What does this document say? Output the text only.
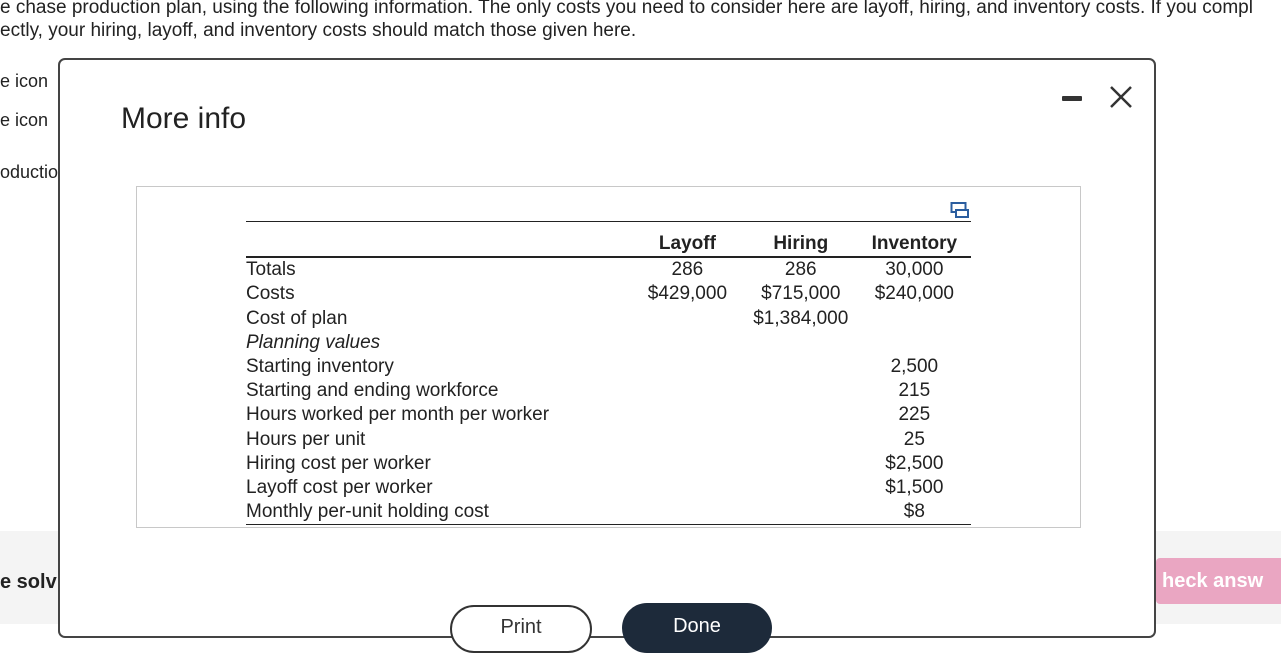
e chase production plan, using the following information. The only costs you need to consider here are layoff, hiring, and inventory costs. If you compl
ectly, your hiring, layoff, and inventory costs should match those given here.
e icon
e icon
oductio
e solv	heck answ
More info

	Layoff	Hiring	Inventory
Totals	286	286	30,000
Costs	$429,000	$715,000	$240,000
Cost of plan		$1,384,000	
Planning values			
Starting inventory			2,500
Starting and ending workforce			215
Hours worked per month per worker			225
Hours per unit			25
Hiring cost per worker			$2,500
Layoff cost per worker			$1,500
Monthly per-unit holding cost			$8
Print	Done
